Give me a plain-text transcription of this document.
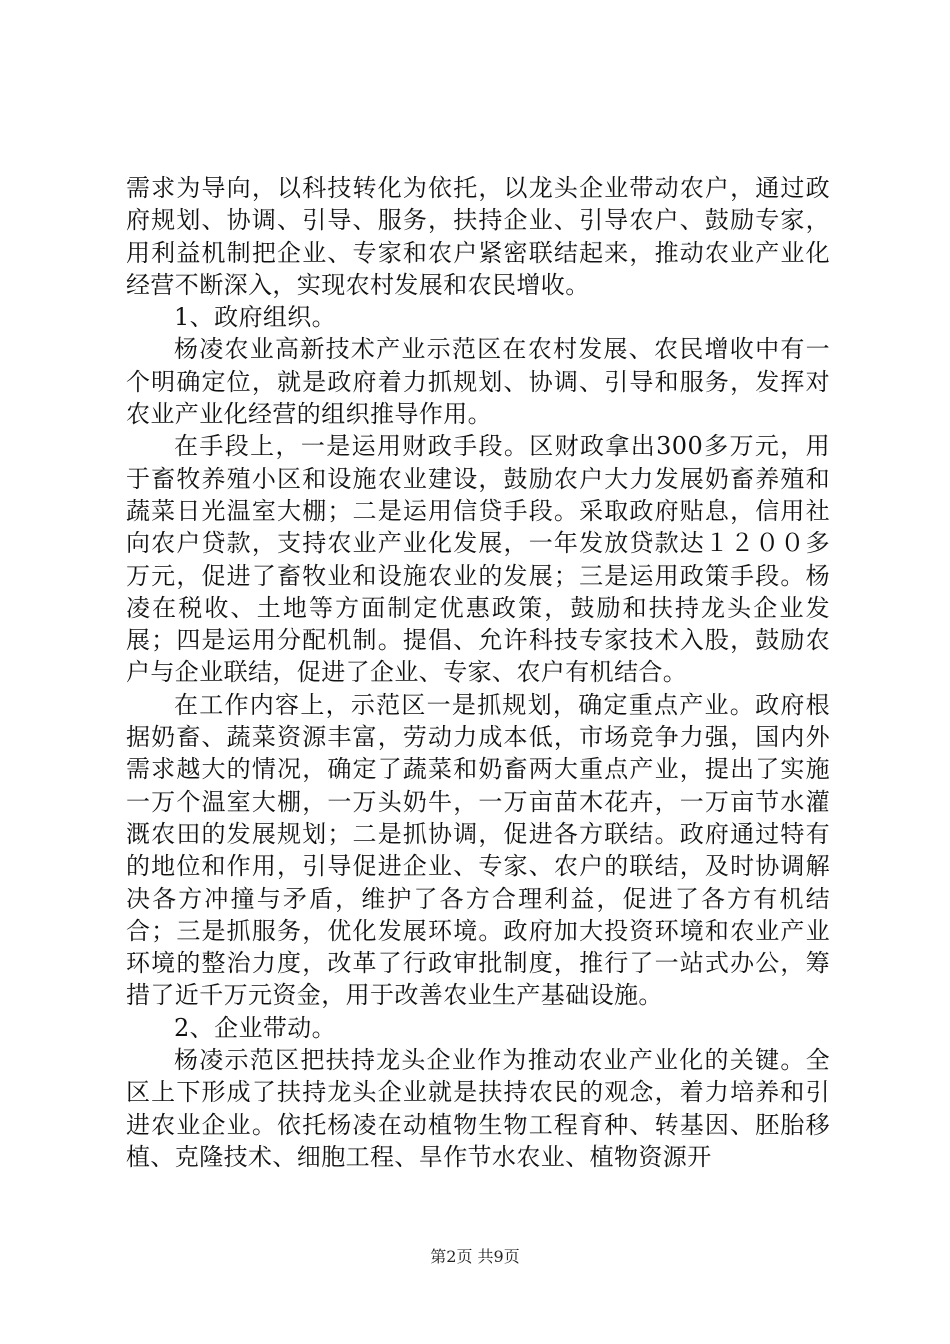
需求为导向，以科技转化为依托，以龙头企业带动农户，通过政府规划、协调、引导、服务，扶持企业、引导农户、鼓励专家，用利益机制把企业、专家和农户紧密联结起来，推动农业产业化经营不断深入，实现农村发展和农民增收。

1、政府组织。

杨凌农业高新技术产业示范区在农村发展、农民增收中有一个明确定位，就是政府着力抓规划、协调、引导和服务，发挥对农业产业化经营的组织推导作用。

在手段上，一是运用财政手段。区财政拿出300多万元，用于畜牧养殖小区和设施农业建设，鼓励农户大力发展奶畜养殖和蔬菜日光温室大棚；二是运用信贷手段。采取政府贴息，信用社向农户贷款，支持农业产业化发展，一年发放贷款达１２００多万元，促进了畜牧业和设施农业的发展；三是运用政策手段。杨凌在税收、土地等方面制定优惠政策，鼓励和扶持龙头企业发展；四是运用分配机制。提倡、允许科技专家技术入股，鼓励农户与企业联结，促进了企业、专家、农户有机结合。

在工作内容上，示范区一是抓规划，确定重点产业。政府根据奶畜、蔬菜资源丰富，劳动力成本低，市场竞争力强，国内外需求越大的情况，确定了蔬菜和奶畜两大重点产业，提出了实施一万个温室大棚，一万头奶牛，一万亩苗木花卉，一万亩节水灌溉农田的发展规划；二是抓协调，促进各方联结。政府通过特有的地位和作用，引导促进企业、专家、农户的联结，及时协调解决各方冲撞与矛盾，维护了各方合理利益，促进了各方有机结合；三是抓服务，优化发展环境。政府加大投资环境和农业产业环境的整治力度，改革了行政审批制度，推行了一站式办公，筹措了近千万元资金，用于改善农业生产基础设施。

2、企业带动。

杨凌示范区把扶持龙头企业作为推动农业产业化的关键。全区上下形成了扶持龙头企业就是扶持农民的观念，着力培养和引进农业企业。依托杨凌在动植物生物工程育种、转基因、胚胎移植、克隆技术、细胞工程、旱作节水农业、植物资源开

第2页 共9页
